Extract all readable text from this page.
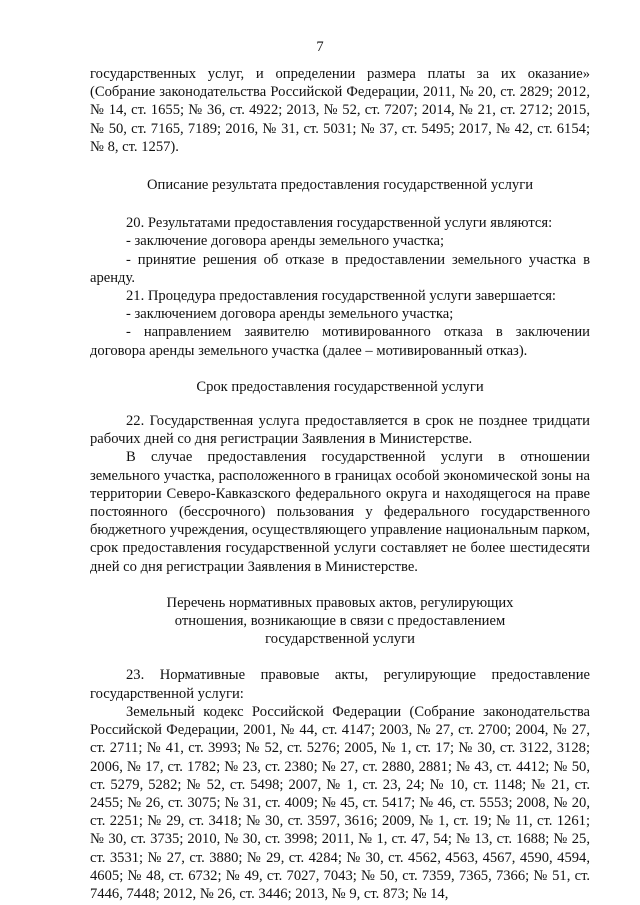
7

государственных услуг, и определении размера платы за их оказание» (Собрание законодательства Российской Федерации, 2011, № 20, ст. 2829; 2012, № 14, ст. 1655; № 36, ст. 4922; 2013, № 52, ст. 7207; 2014, № 21, ст. 2712; 2015, № 50, ст. 7165, 7189; 2016, № 31, ст. 5031; № 37, ст. 5495; 2017, № 42, ст. 6154; № 8, ст. 1257).

Описание результата предоставления государственной услуги

20. Результатами предоставления государственной услуги являются:

- заключение договора аренды земельного участка;

- принятие решения об отказе в предоставлении земельного участка в аренду.

21. Процедура предоставления государственной услуги завершается:

- заключением договора аренды земельного участка;

- направлением заявителю мотивированного отказа в заключении договора аренды земельного участка (далее – мотивированный отказ).

Срок предоставления государственной услуги

22. Государственная услуга предоставляется в срок не позднее тридцати рабочих дней со дня регистрации Заявления в Министерстве.

В случае предоставления государственной услуги в отношении земельного участка, расположенного в границах особой экономической зоны на территории Северо-Кавказского федерального округа и находящегося на праве постоянного (бессрочного) пользования у федерального государственного бюджетного учреждения, осуществляющего управление национальным парком, срок предоставления государственной услуги составляет не более шестидесяти дней со дня регистрации Заявления в Министерстве.

Перечень нормативных правовых актов, регулирующих
отношения, возникающие в связи с предоставлением
государственной услуги

23. Нормативные правовые акты, регулирующие предоставление государственной услуги:

Земельный кодекс Российской Федерации (Собрание законодательства Российской Федерации, 2001, № 44, ст. 4147; 2003, № 27, ст. 2700; 2004, № 27, ст. 2711; № 41, ст. 3993; № 52, ст. 5276; 2005, № 1, ст. 17; № 30, ст. 3122, 3128; 2006, № 17, ст. 1782; № 23, ст. 2380; № 27, ст. 2880, 2881; № 43, ст. 4412; № 50, ст. 5279, 5282; № 52, ст. 5498; 2007, № 1, ст. 23, 24; № 10, ст. 1148; № 21, ст. 2455; № 26, ст. 3075; № 31, ст. 4009; № 45, ст. 5417; № 46, ст. 5553; 2008, № 20, ст. 2251; № 29, ст. 3418; № 30, ст. 3597, 3616; 2009, № 1, ст. 19; № 11, ст. 1261; № 30, ст. 3735; 2010, № 30, ст. 3998; 2011, № 1, ст. 47, 54; № 13, ст. 1688; № 25, ст. 3531; № 27, ст. 3880; № 29, ст. 4284; № 30, ст. 4562, 4563, 4567, 4590, 4594, 4605; № 48, ст. 6732; № 49, ст. 7027, 7043; № 50, ст. 7359, 7365, 7366; № 51, ст. 7446, 7448; 2012, № 26, ст. 3446; 2013, № 9, ст. 873; № 14,
